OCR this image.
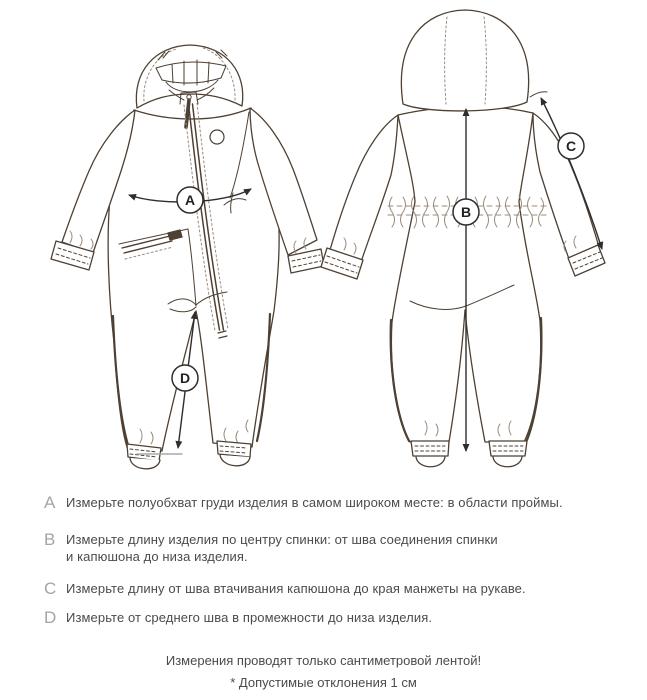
A
D
B
C
A Измерьте полуобхват груди изделия в самом широком месте: в области проймы.
B Измерьте длину изделия по центру спинки: от шва соединения спинки
и капюшона до низа изделия.
C Измерьте длину от шва втачивания капюшона до края манжеты на рукаве.
D Измерьте от среднего шва в промежности до низа изделия.
Измерения проводят только сантиметровой лентой!
* Допустимые отклонения 1 см
